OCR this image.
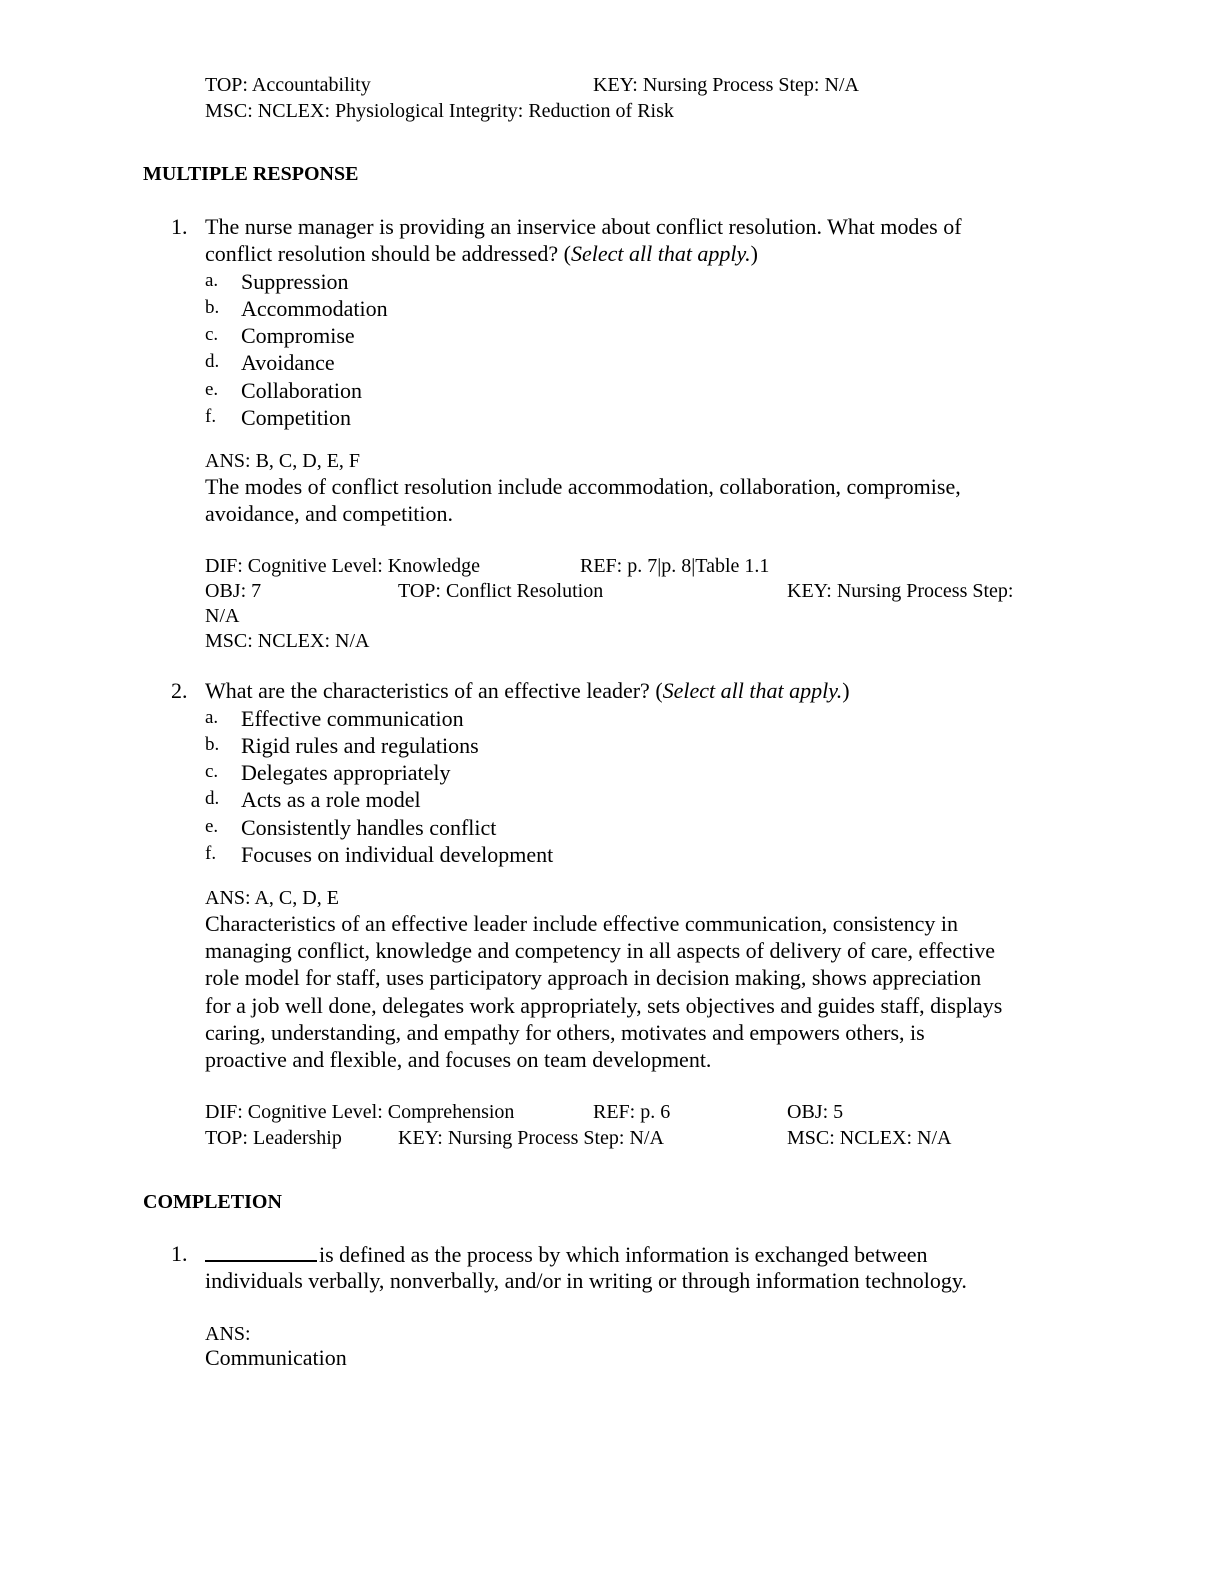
TOP: Accountability	KEY: Nursing Process Step: N/A
MSC: NCLEX: Physiological Integrity: Reduction of Risk
MULTIPLE RESPONSE
1. The nurse manager is providing an inservice about conflict resolution. What modes of
conflict resolution should be addressed? (Select all that apply.)
a. Suppression
b. Accommodation
c. Compromise
d. Avoidance
e. Collaboration
f. Competition
ANS: B, C, D, E, F
The modes of conflict resolution include accommodation, collaboration, compromise,
avoidance, and competition.
DIF: Cognitive Level: Knowledge	REF: p. 7|p. 8|Table 1.1
OBJ: 7	TOP: Conflict Resolution	KEY: Nursing Process Step:
N/A
MSC: NCLEX: N/A
2. What are the characteristics of an effective leader? (Select all that apply.)
a. Effective communication
b. Rigid rules and regulations
c. Delegates appropriately
d. Acts as a role model
e. Consistently handles conflict
f. Focuses on individual development
ANS: A, C, D, E
Characteristics of an effective leader include effective communication, consistency in
managing conflict, knowledge and competency in all aspects of delivery of care, effective
role model for staff, uses participatory approach in decision making, shows appreciation
for a job well done, delegates work appropriately, sets objectives and guides staff, displays
caring, understanding, and empathy for others, motivates and empowers others, is
proactive and flexible, and focuses on team development.
DIF: Cognitive Level: Comprehension	REF: p. 6	OBJ: 5
TOP: Leadership	KEY: Nursing Process Step: N/A	MSC: NCLEX: N/A
COMPLETION
1.	is defined as the process by which information is exchanged between
individuals verbally, nonverbally, and/or in writing or through information technology.
ANS:
Communication
